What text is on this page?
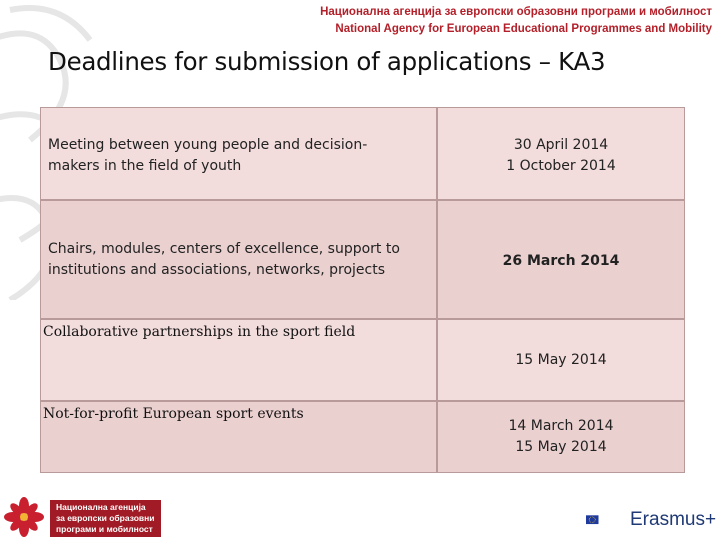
Национална агенција за европски образовни програми и мобилност
National Agency for European Educational Programmes and Mobility
Deadlines for submission of applications – KA3
Meeting between young people and decision-makers in the field of youth
30 April 2014
1 October 2014
Chairs, modules, centers of excellence, support to institutions and associations, networks, projects
26 March 2014
Collaborative partnerships in the sport field
15 May 2014
Not-for-profit European sport events
14 March 2014
15 May 2014
Национална агенција
за европски образовни
програми и мобилност	Erasmus+
